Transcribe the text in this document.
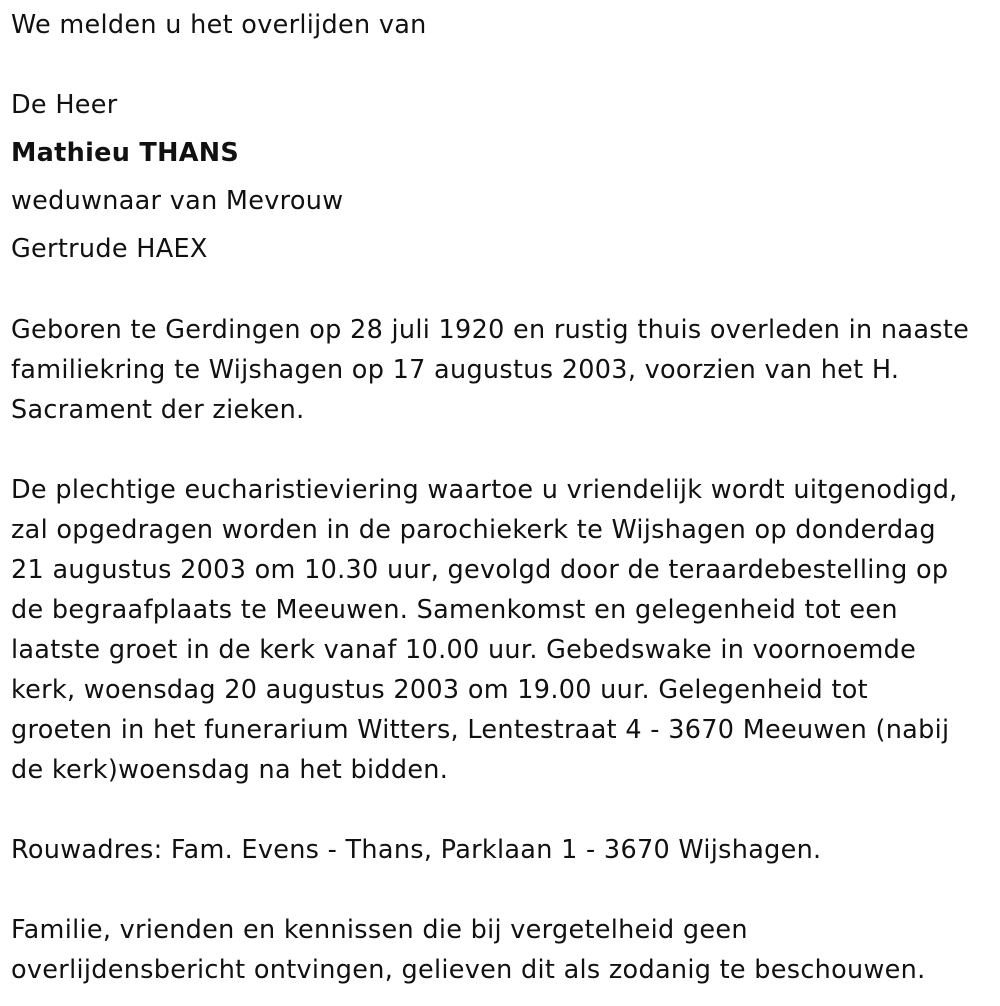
We melden u het overlijden van

De Heer

Mathieu THANS

weduwnaar van Mevrouw

Gertrude HAEX

Geboren te Gerdingen op 28 juli 1920 en rustig thuis overleden in naaste

familiekring te Wijshagen op 17 augustus 2003, voorzien van het H.

Sacrament der zieken.

De plechtige eucharistieviering waartoe u vriendelijk wordt uitgenodigd,

zal opgedragen worden in de parochiekerk te Wijshagen op donderdag

21 augustus 2003 om 10.30 uur, gevolgd door de teraardebestelling op

de begraafplaats te Meeuwen. Samenkomst en gelegenheid tot een

laatste groet in de kerk vanaf 10.00 uur. Gebedswake in voornoemde

kerk, woensdag 20 augustus 2003 om 19.00 uur. Gelegenheid tot

groeten in het funerarium Witters, Lentestraat 4 - 3670 Meeuwen (nabij

de kerk)woensdag na het bidden.

Rouwadres: Fam. Evens - Thans, Parklaan 1 - 3670 Wijshagen.

Familie, vrienden en kennissen die bij vergetelheid geen

overlijdensbericht ontvingen, gelieven dit als zodanig te beschouwen.
